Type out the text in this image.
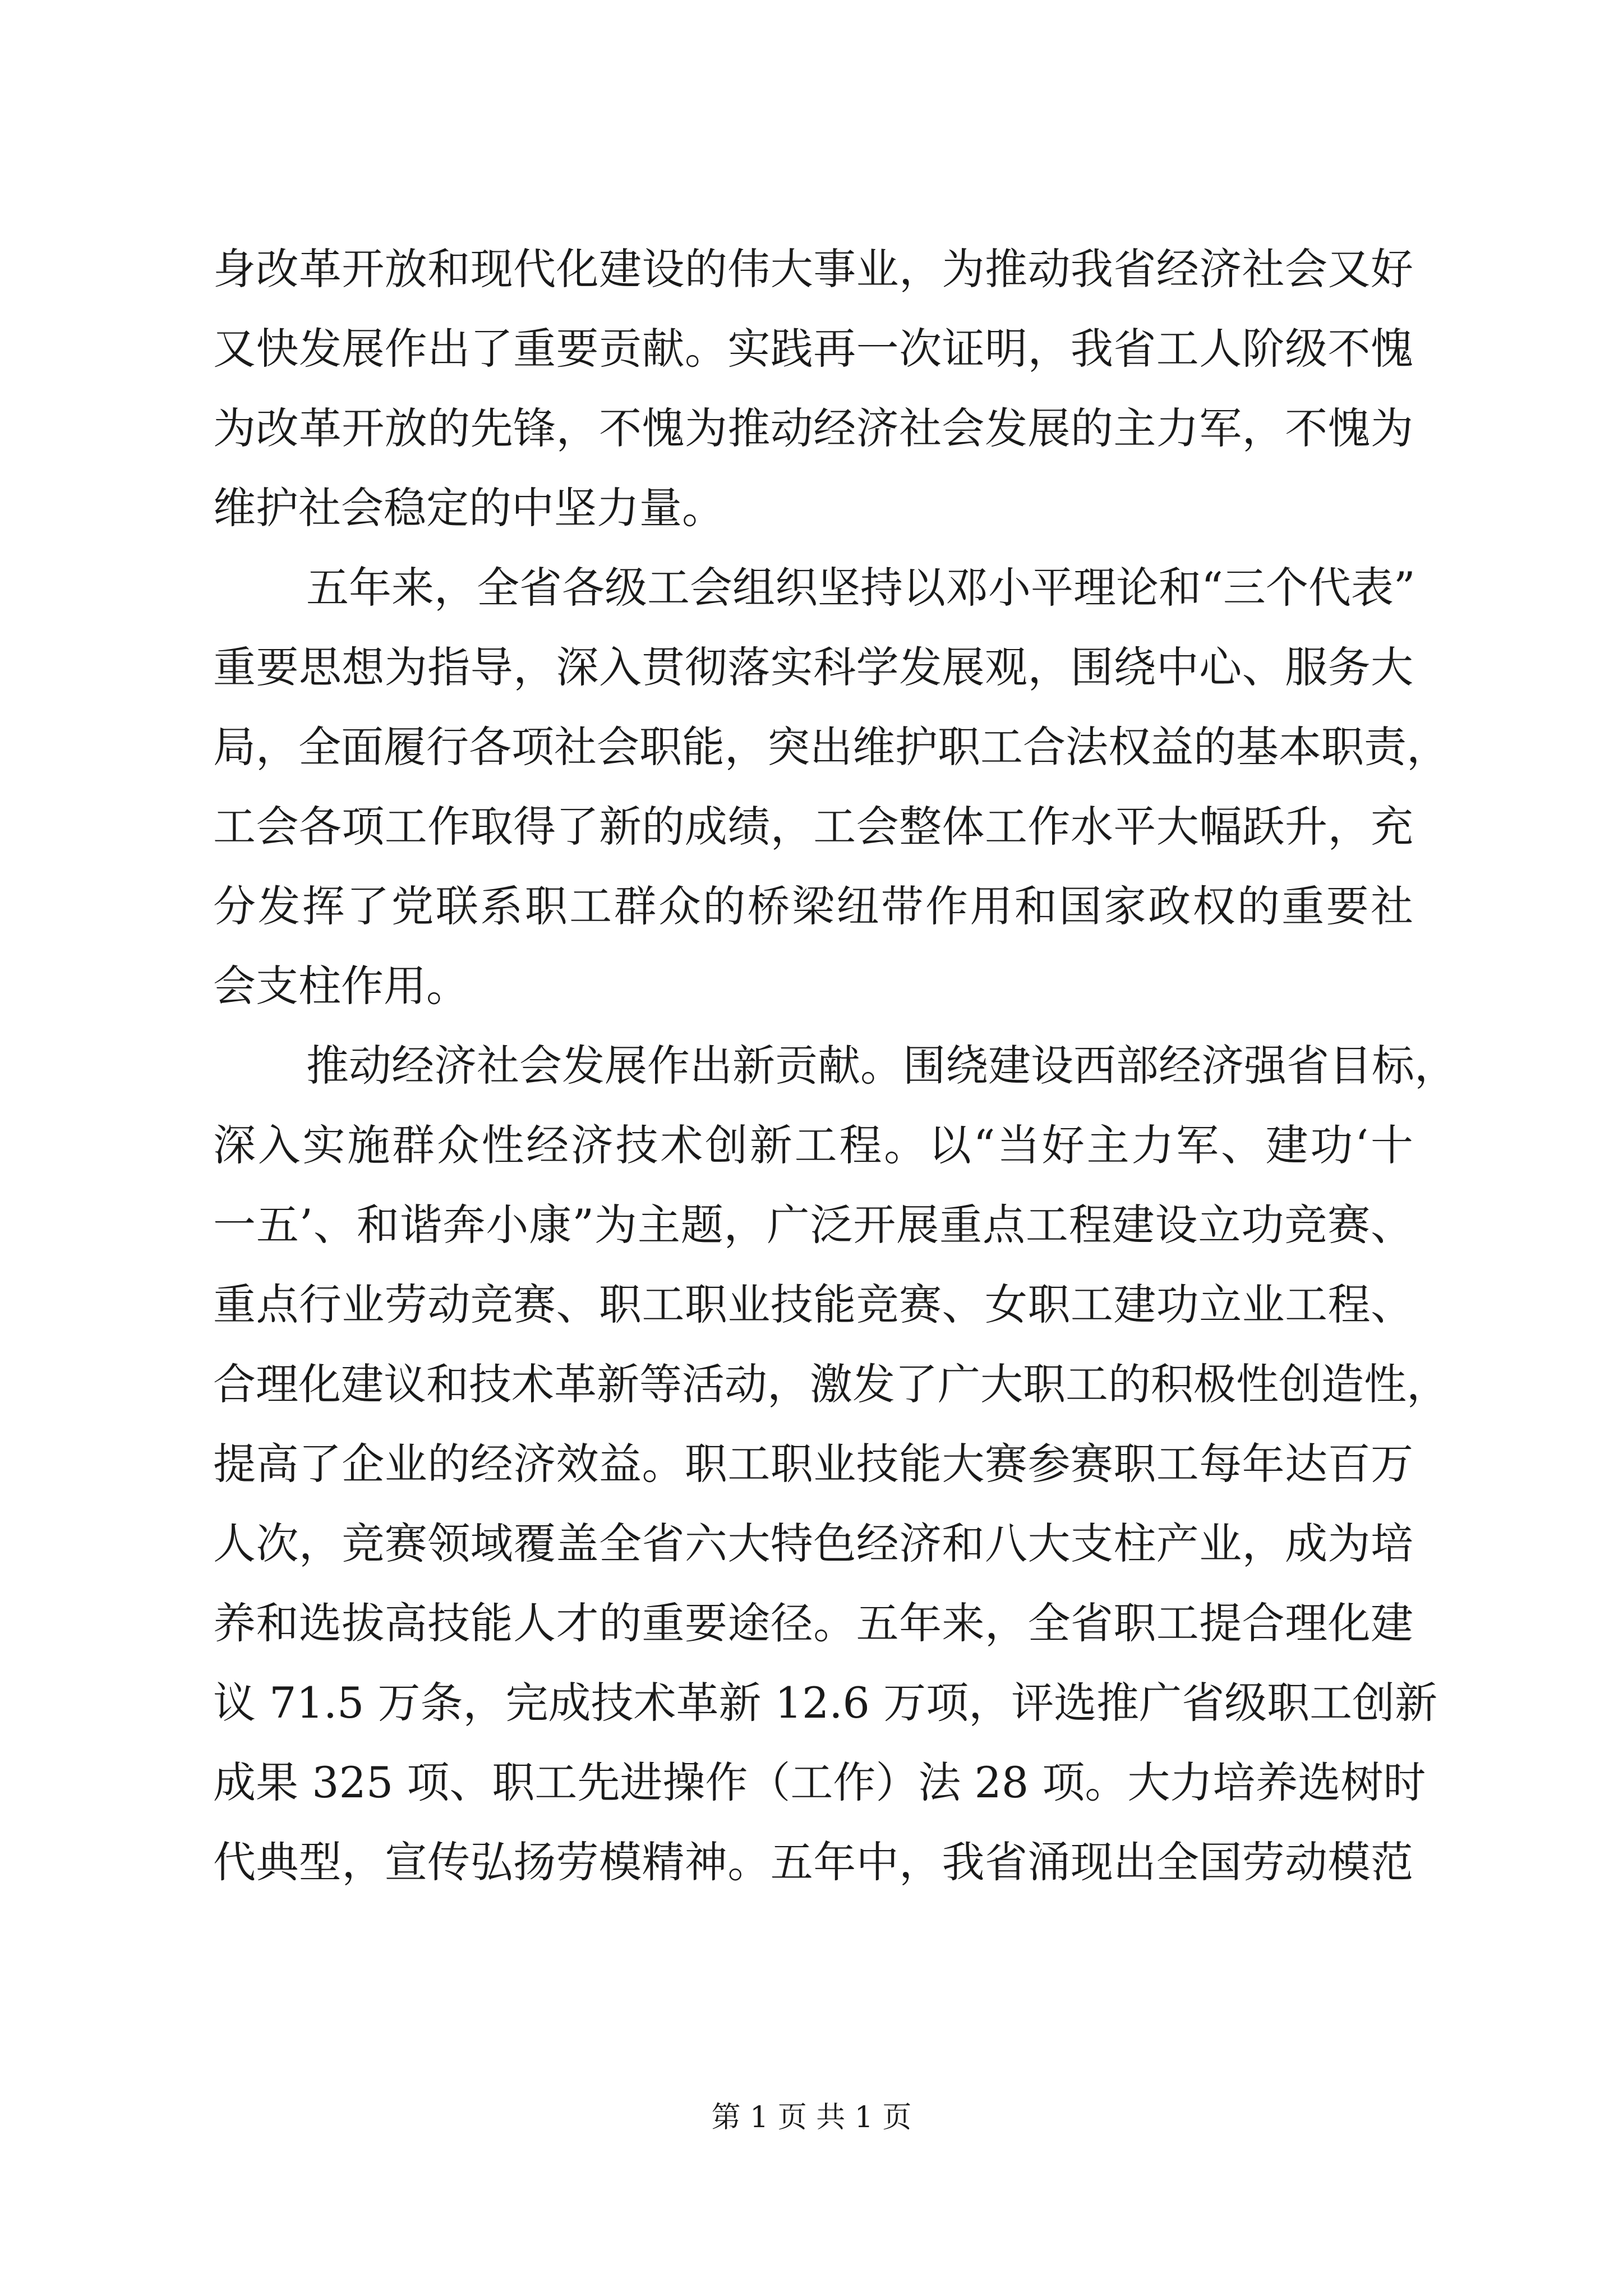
身改革开放和现代化建设的伟大事业，为推动我省经济社会又好
又快发展作出了重要贡献。实践再一次证明，我省工人阶级不愧
为改革开放的先锋，不愧为推动经济社会发展的主力军，不愧为
维护社会稳定的中坚力量。
五年来，全省各级工会组织坚持以邓小平理论和“三个代表”
重要思想为指导，深入贯彻落实科学发展观，围绕中心、服务大
局，全面履行各项社会职能，突出维护职工合法权益的基本职责，
工会各项工作取得了新的成绩，工会整体工作水平大幅跃升，充
分发挥了党联系职工群众的桥梁纽带作用和国家政权的重要社
会支柱作用。
推动经济社会发展作出新贡献。围绕建设西部经济强省目标，
深入实施群众性经济技术创新工程。以“当好主力军、建功‘十
一五’、和谐奔小康”为主题，广泛开展重点工程建设立功竞赛、
重点行业劳动竞赛、职工职业技能竞赛、女职工建功立业工程、
合理化建议和技术革新等活动，激发了广大职工的积极性创造性，
提高了企业的经济效益。职工职业技能大赛参赛职工每年达百万
人次，竞赛领域覆盖全省六大特色经济和八大支柱产业，成为培
养和选拔高技能人才的重要途径。五年来，全省职工提合理化建
议 71.5 万条，完成技术革新 12.6 万项，评选推广省级职工创新
成果 325 项、职工先进操作（工作）法 28 项。大力培养选树时
代典型，宣传弘扬劳模精神。五年中，我省涌现出全国劳动模范
第 1 页 共 1 页
